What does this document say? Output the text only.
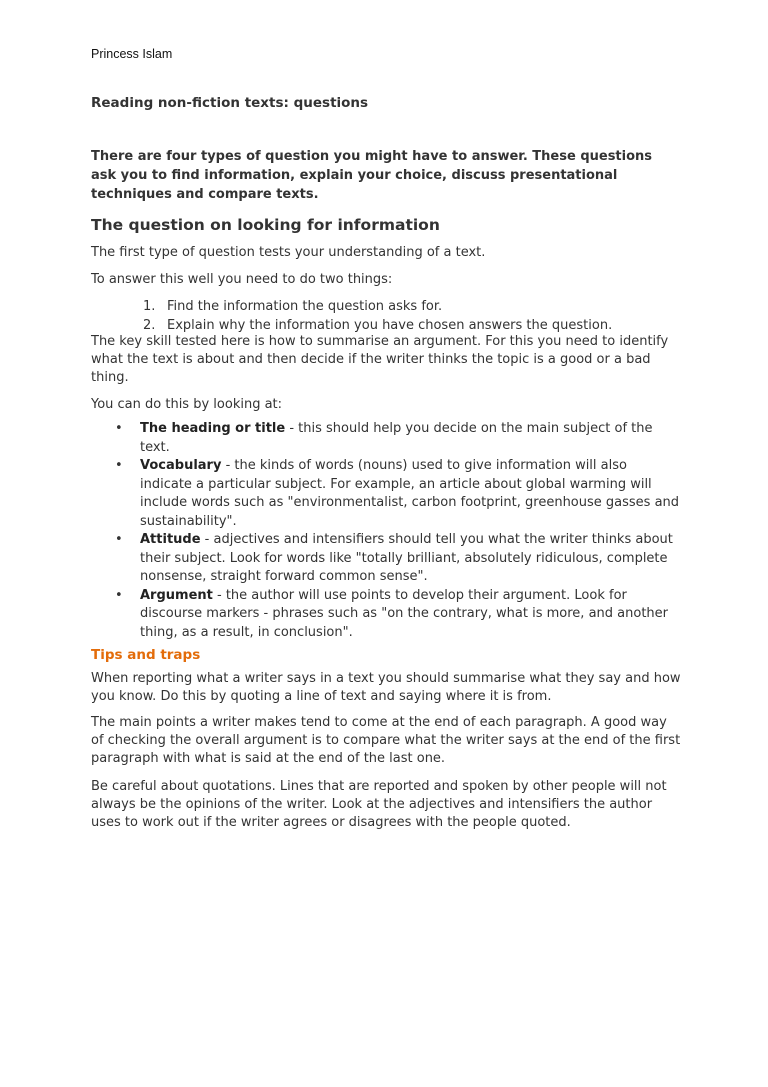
Princess Islam
Reading non-fiction texts: questions

There are four types of question you might have to answer. These questions ask you to find information, explain your choice, discuss presentational techniques and compare texts.

The question on looking for information

The first type of question tests your understanding of a text.

To answer this well you need to do two things:

1. Find the information the question asks for.
2. Explain why the information you have chosen answers the question.

The key skill tested here is how to summarise an argument. For this you need to identify what the text is about and then decide if the writer thinks the topic is a good or a bad thing.

You can do this by looking at:

• The heading or title - this should help you decide on the main subject of the text.
• Vocabulary - the kinds of words (nouns) used to give information will also indicate a particular subject. For example, an article about global warming will include words such as "environmentalist, carbon footprint, greenhouse gasses and sustainability".
• Attitude - adjectives and intensifiers should tell you what the writer thinks about their subject. Look for words like "totally brilliant, absolutely ridiculous, complete nonsense, straight forward common sense".
• Argument - the author will use points to develop their argument. Look for discourse markers - phrases such as "on the contrary, what is more, and another thing, as a result, in conclusion".
Tips and traps

When reporting what a writer says in a text you should summarise what they say and how you know. Do this by quoting a line of text and saying where it is from.

The main points a writer makes tend to come at the end of each paragraph. A good way of checking the overall argument is to compare what the writer says at the end of the first paragraph with what is said at the end of the last one.

Be careful about quotations. Lines that are reported and spoken by other people will not always be the opinions of the writer. Look at the adjectives and intensifiers the author uses to work out if the writer agrees or disagrees with the people quoted.
